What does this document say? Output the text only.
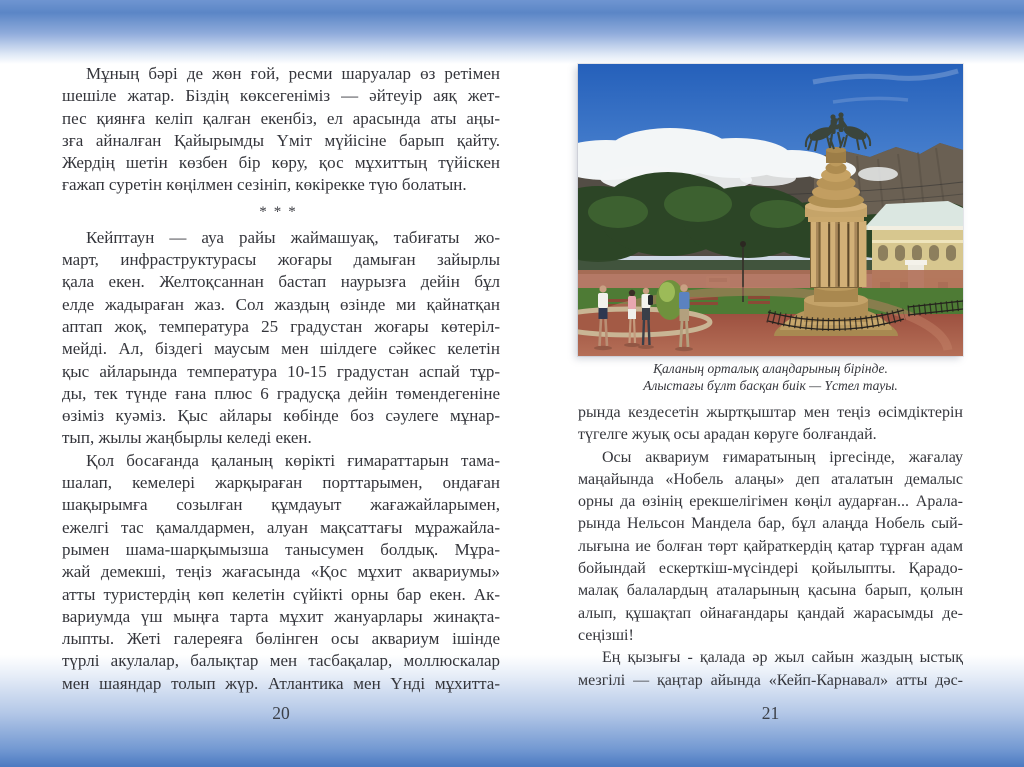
Мұның бәрі де жөн ғой, ресми шаруалар өз ретімен
шешіле жатар. Біздің көксегеніміз — әйтеуір аяқ жет-
пес қиянға келіп қалған екенбіз, ел арасында аты аңы-
зға айналған Қайырымды Үміт мүйісіне барып қайту.
Жердің шетін көзбен бір көру, қос мұхиттың түйіскен
ғажап суретін көңілмен сезініп, көкірекке түю болатын.
***
Кейптаун — ауа райы жаймашуақ, табиғаты жо-
март, инфраструктурасы жоғары дамыған зайырлы
қала екен. Желтоқсаннан бастап наурызға дейін бұл
елде жадыраған жаз. Сол жаздың өзінде ми қайнатқан
аптап жоқ, температура 25 градустан жоғары көтеріл-
мейді. Ал, біздегі маусым мен шілдеге сәйкес келетін
қыс айларында температура 10-15 градустан аспай тұр-
ды, тек түнде ғана плюс 6 градусқа дейін төмендегеніне
өзіміз куәміз. Қыс айлары көбінде боз сәулеге мұнар-
тып, жылы жаңбырлы келеді екен.
Қол босағанда қаланың көрікті ғимараттарын тама-
шалап, кемелері жарқыраған порттарымен, ондаған
шақырымға созылған құмдауыт жағажайларымен,
ежелгі тас қамалдармен, алуан мақсаттағы мұражайла-
рымен шама-шарқымызша танысумен болдық. Мұра-
жай демекші, теңіз жағасында «Қос мұхит аквариумы»
атты туристердің көп келетін сүйікті орны бар екен. Ак-
вариумда үш мыңға тарта мұхит жануарлары жинақта-
лыпты. Жеті галереяға бөлінген осы аквариум ішінде
түрлі акулалар, балықтар мен тасбақалар, моллюскалар
мен шаяндар толып жүр. Атлантика мен Үнді мұхитта-
20
Қаланың орталық алаңдарының бірінде.
Алыстағы бұлт басқан биік — Үстел тауы.
рында кездесетін жыртқыштар мен теңіз өсімдіктерін
түгелге жуық осы арадан көруге болғандай.
Осы аквариум ғимаратының іргесінде, жағалау
маңайында «Нобель алаңы» деп аталатын демалыс
орны да өзінің ерекшелігімен көңіл аударған... Арала-
рында Нельсон Мандела бар, бұл алаңда Нобель сый-
лығына ие болған төрт қайраткердің қатар тұрған адам
бойындай ескерткіш-мүсіндері қойылыпты. Қарадо-
малақ балалардың аталарының қасына барып, қолын
алып, құшақтап ойнағандары қандай жарасымды де-
сеңізші!
Ең қызығы - қалада әр жыл сайын жаздың ыстық
мезгілі — қаңтар айында «Кейп-Карнавал» атты дәс-
21
